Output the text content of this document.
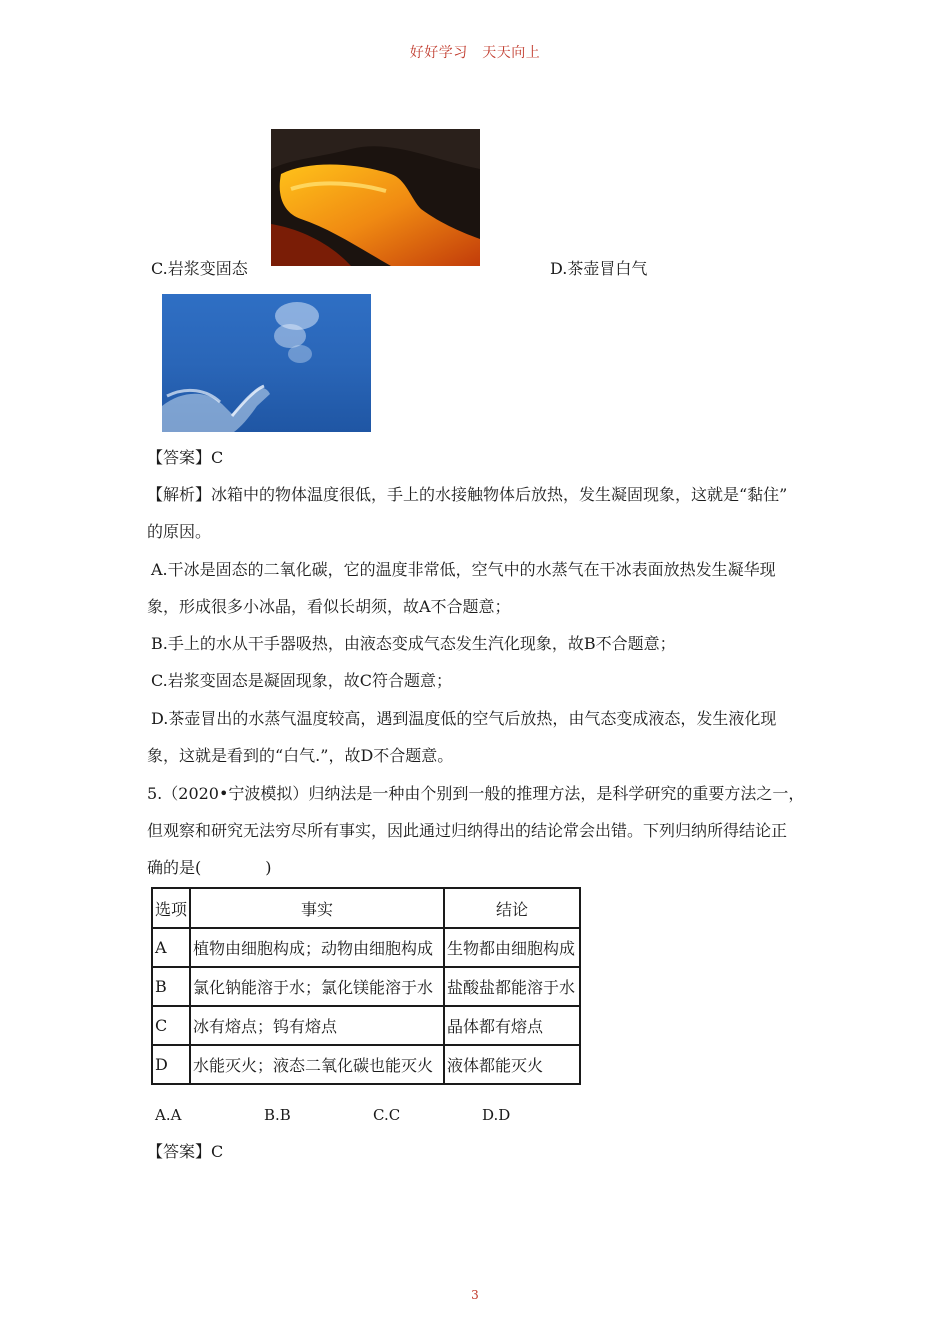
好好学习　天天向上
C.岩浆变固态	D.茶壶冒白气
【答案】C
【解析】冰箱中的物体温度很低，手上的水接触物体后放热，发生凝固现象，这就是“黏住”
的原因。
A.干冰是固态的二氧化碳，它的温度非常低，空气中的水蒸气在干冰表面放热发生凝华现
象，形成很多小冰晶，看似长胡须，故A不合题意；
B.手上的水从干手器吸热，由液态变成气态发生汽化现象，故B不合题意；
C.岩浆变固态是凝固现象，故C符合题意；
D.茶壶冒出的水蒸气温度较高，遇到温度低的空气后放热，由气态变成液态，发生液化现
象，这就是看到的“白气.”，故D不合题意。
5.（2020•宁波模拟）归纳法是一种由个别到一般的推理方法，是科学研究的重要方法之一，
但观察和研究无法穷尽所有事实，因此通过归纳得出的结论常会出错。下列归纳所得结论正
确的是(　　　　)
选项	事实	结论
A	植物由细胞构成；动物由细胞构成	生物都由细胞构成
B	氯化钠能溶于水；氯化镁能溶于水	盐酸盐都能溶于水
C	冰有熔点；钨有熔点	晶体都有熔点
D	水能灭火；液态二氧化碳也能灭火	液体都能灭火
A.A	B.B	C.C	D.D
【答案】C
3
